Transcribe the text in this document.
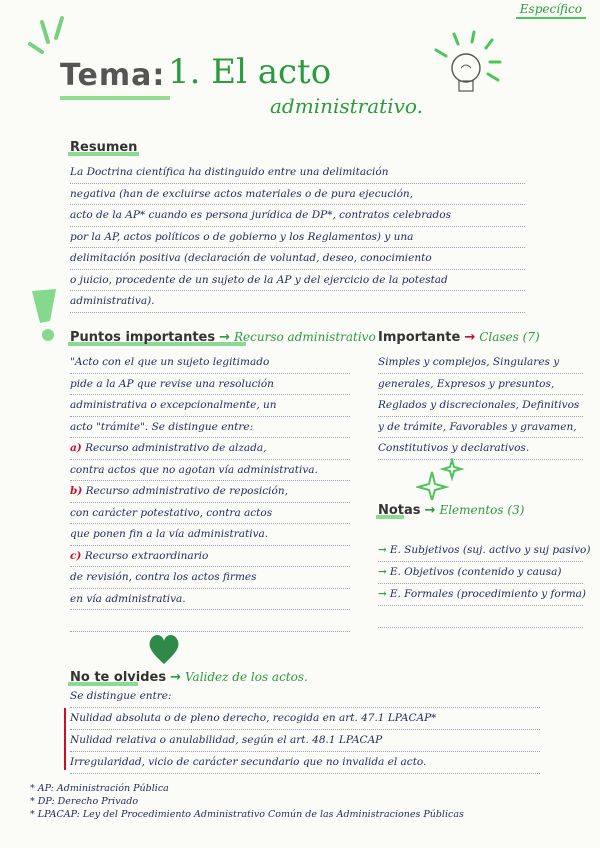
Específico
Tema: 1. El acto
administrativo.
Resumen
La Doctrina científica ha distinguido entre una delimitación
negativa (han de excluirse actos materiales o de pura ejecución,
acto de la AP* cuando es persona jurídica de DP*, contratos celebrados
por la AP, actos políticos o de gobierno y los Reglamentos) y una
delimitación positiva (declaración de voluntad, deseo, conocimiento
o juicio, procedente de un sujeto de la AP y del ejercicio de la potestad
administrativa).
Puntos importantes → Recurso administrativo
"Acto con el que un sujeto legitimado
pide a la AP que revise una resolución
administrativa o excepcionalmente, un
acto "trámite". Se distingue entre:
a) Recurso administrativo de alzada,
contra actos que no agotan vía administrativa.
b) Recurso administrativo de reposición,
con carácter potestativo, contra actos
que ponen fin a la vía administrativa.
c) Recurso extraordinario
de revisión, contra los actos firmes
en vía administrativa.

Importante → Clases (7)
Simples y complejos, Singulares y
generales, Expresos y presuntos,
Reglados y discrecionales, Definitivos
y de trámite, Favorables y gravamen,
Constitutivos y declarativos.
Notas → Elementos (3)
→ E. Subjetivos (suj. activo y suj pasivo)
→ E. Objetivos (contenido y causa)
→ E. Formales (procedimiento y forma)

No te olvides → Validez de los actos.
Se distingue entre:
Nulidad absoluta o de pleno derecho, recogida en art. 47.1 LPACAP*
Nulidad relativa o anulabilidad, según el art. 48.1 LPACAP
Irregularidad, vicio de carácter secundario que no invalida el acto.
* AP: Administración Pública
* DP: Derecho Privado
* LPACAP: Ley del Procedimiento Administrativo Común de las Administraciones Públicas
